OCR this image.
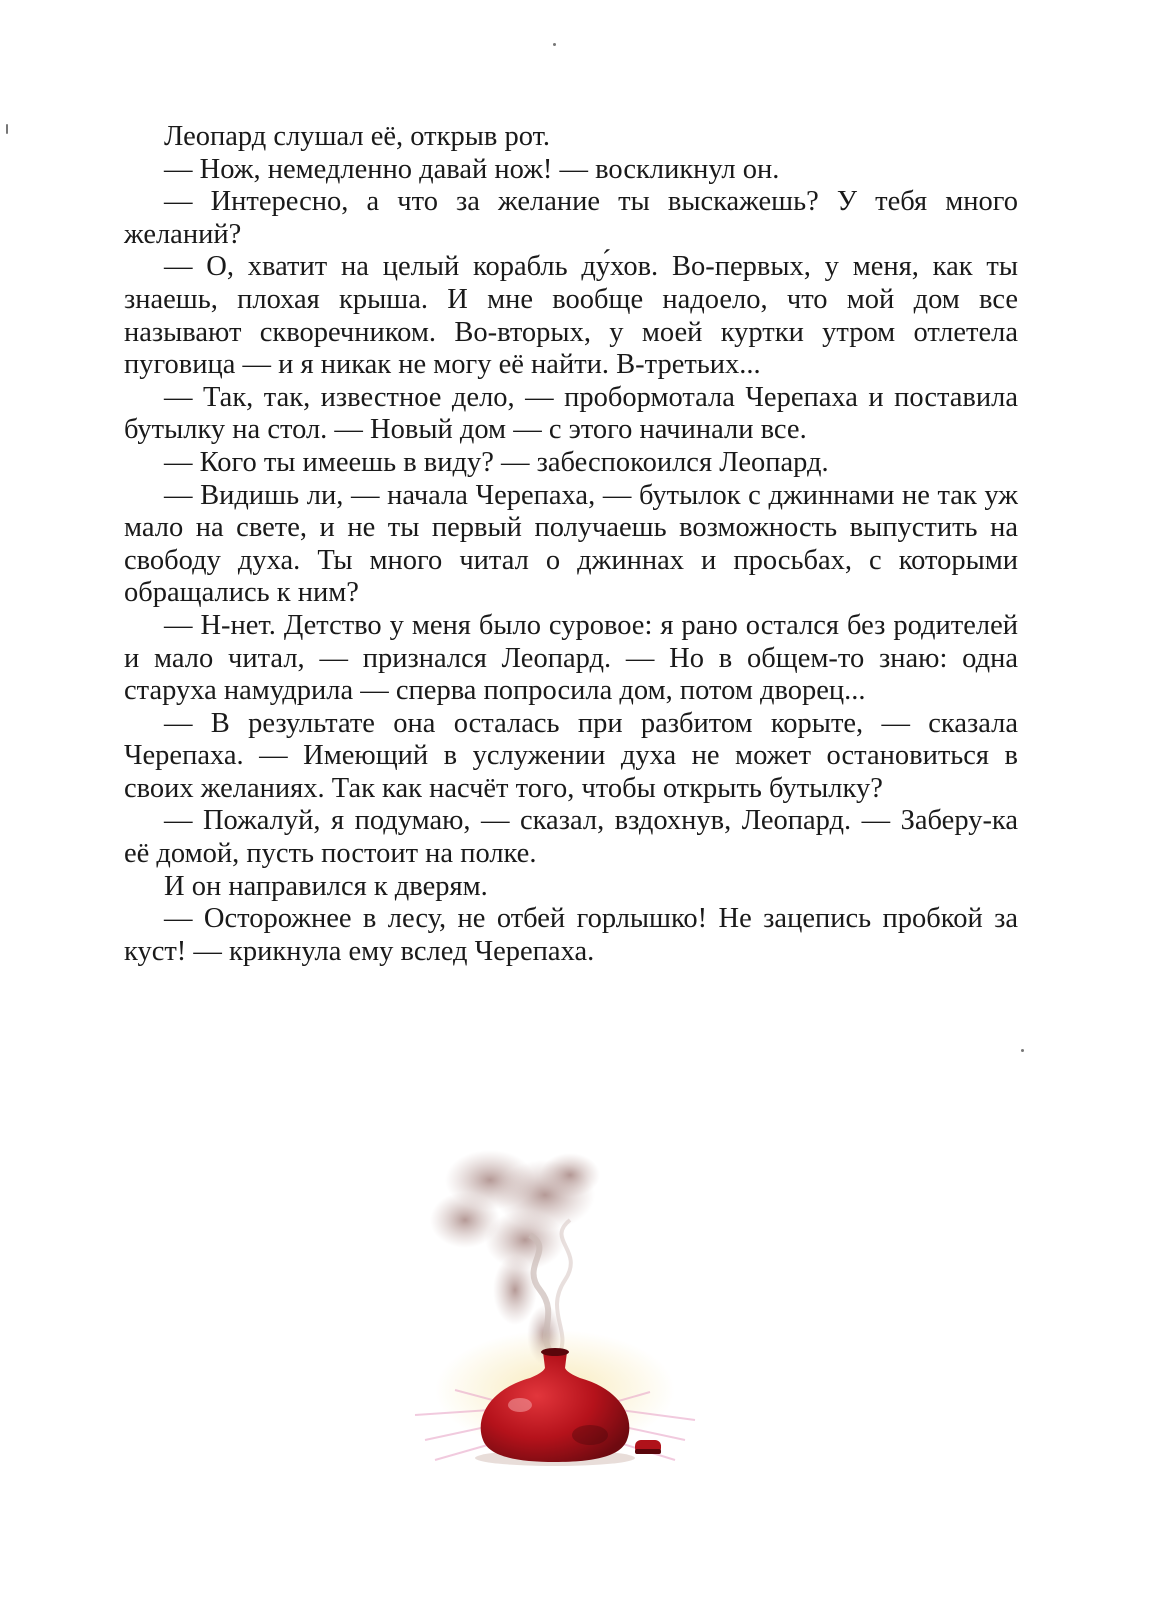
Леопард слушал её, открыв рот.

— Нож, немедленно давай нож! — воскликнул он.

— Интересно, а что за желание ты выскажешь? У тебя много желаний?

— О, хватит на целый корабль ду́хов. Во-первых, у меня, как ты знаешь, плохая крыша. И мне вообще надоело, что мой дом все называют скворечником. Во-вторых, у моей куртки утром отлетела пуговица — и я никак не могу её найти. В-третьих...

— Так, так, известное дело, — пробормотала Черепаха и поставила бутылку на стол. — Новый дом — с этого начинали все.

— Кого ты имеешь в виду? — забеспокоился Леопард.

— Видишь ли, — начала Черепаха, — бутылок с джиннами не так уж мало на свете, и не ты первый получаешь возможность выпустить на свободу духа. Ты много читал о джиннах и просьбах, с которыми обращались к ним?

— Н-нет. Детство у меня было суровое: я рано остался без родителей и мало читал, — признался Леопард. — Но в общем-то знаю: одна старуха намудрила — сперва попросила дом, потом дворец...

— В результате она осталась при разбитом корыте, — сказала Черепаха. — Имеющий в услужении духа не может остановиться в своих желаниях. Так как насчёт того, чтобы открыть бутылку?

— Пожалуй, я подумаю, — сказал, вздохнув, Леопард. — Заберу-ка её домой, пусть постоит на полке.

И он направился к дверям.

— Осторожнее в лесу, не отбей горлышко! Не зацепись пробкой за куст! — крикнула ему вслед Черепаха.
